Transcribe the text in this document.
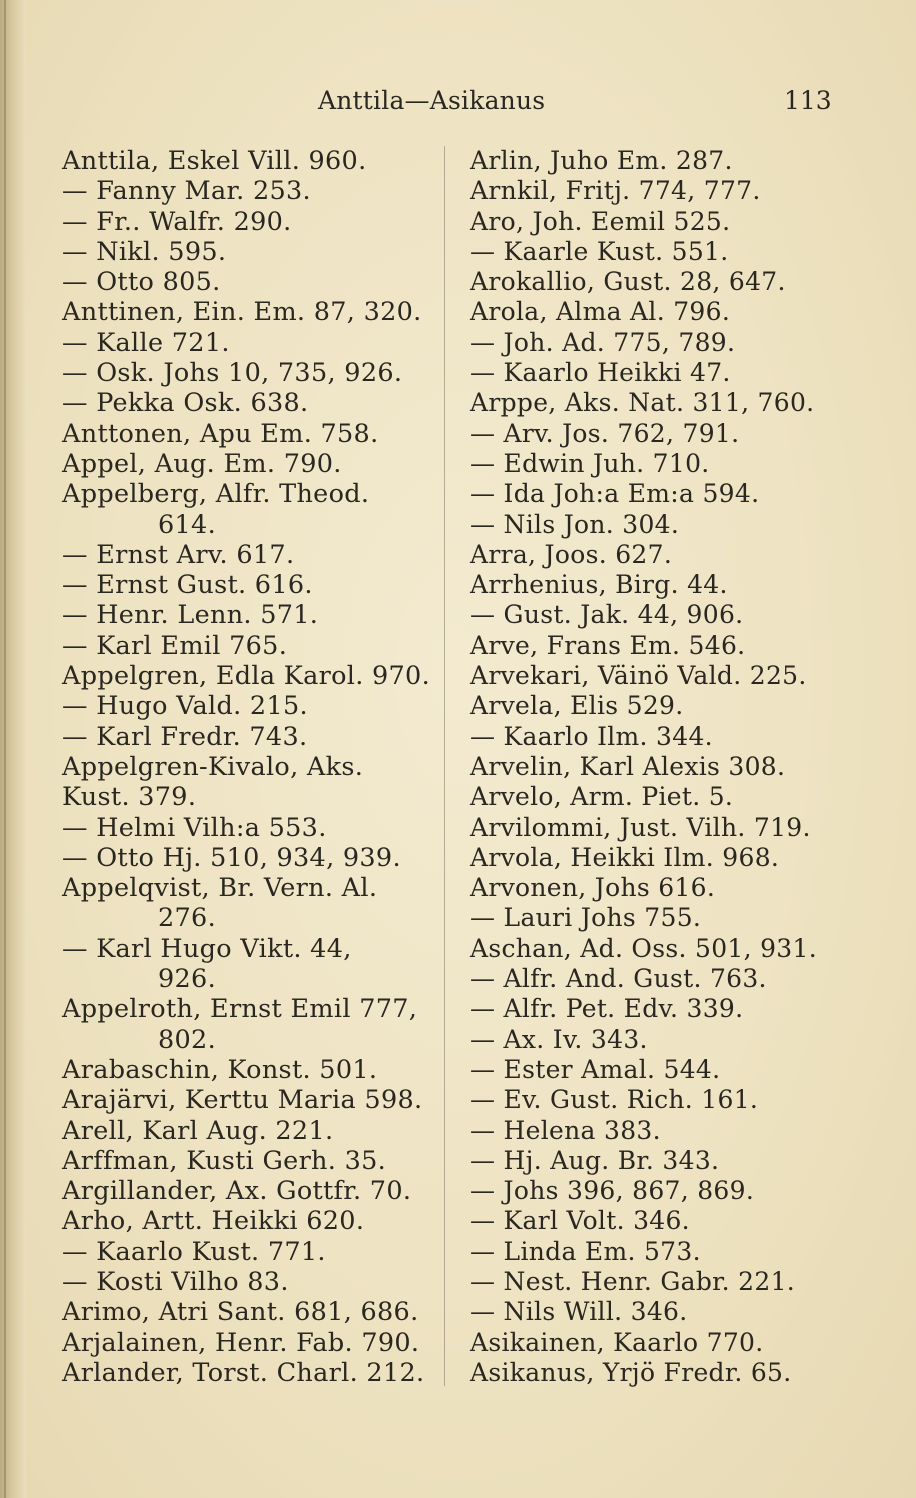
Anttila—Asikanus	113
Anttila, Eskel Vill. 960.
— Fanny Mar. 253.
— Fr.. Walfr. 290.
— Nikl. 595.
— Otto 805.
Anttinen, Ein. Em. 87, 320.
— Kalle 721.
— Osk. Johs 10, 735, 926.
— Pekka Osk. 638.
Anttonen, Apu Em. 758.
Appel, Aug. Em. 790.
Appelberg, Alfr. Theod.
614.
— Ernst Arv. 617.
— Ernst Gust. 616.
— Henr. Lenn. 571.
— Karl Emil 765.
Appelgren, Edla Karol. 970.
— Hugo Vald. 215.
— Karl Fredr. 743.
Appelgren-Kivalo, Aks.
Kust. 379.
— Helmi Vilh:a 553.
— Otto Hj. 510, 934, 939.
Appelqvist, Br. Vern. Al.
276.
— Karl Hugo Vikt. 44,
926.
Appelroth, Ernst Emil 777,
802.
Arabaschin, Konst. 501.
Arajärvi, Kerttu Maria 598.
Arell, Karl Aug. 221.
Arffman, Kusti Gerh. 35.
Argillander, Ax. Gottfr. 70.
Arho, Artt. Heikki 620.
— Kaarlo Kust. 771.
— Kosti Vilho 83.
Arimo, Atri Sant. 681, 686.
Arjalainen, Henr. Fab. 790.
Arlander, Torst. Charl. 212.
Arlin, Juho Em. 287.
Arnkil, Fritj. 774, 777.
Aro, Joh. Eemil 525.
— Kaarle Kust. 551.
Arokallio, Gust. 28, 647.
Arola, Alma Al. 796.
— Joh. Ad. 775, 789.
— Kaarlo Heikki 47.
Arppe, Aks. Nat. 311, 760.
— Arv. Jos. 762, 791.
— Edwin Juh. 710.
— Ida Joh:a Em:a 594.
— Nils Jon. 304.
Arra, Joos. 627.
Arrhenius, Birg. 44.
— Gust. Jak. 44, 906.
Arve, Frans Em. 546.
Arvekari, Väinö Vald. 225.
Arvela, Elis 529.
— Kaarlo Ilm. 344.
Arvelin, Karl Alexis 308.
Arvelo, Arm. Piet. 5.
Arvilommi, Just. Vilh. 719.
Arvola, Heikki Ilm. 968.
Arvonen, Johs 616.
— Lauri Johs 755.
Aschan, Ad. Oss. 501, 931.
— Alfr. And. Gust. 763.
— Alfr. Pet. Edv. 339.
— Ax. Iv. 343.
— Ester Amal. 544.
— Ev. Gust. Rich. 161.
— Helena 383.
— Hj. Aug. Br. 343.
— Johs 396, 867, 869.
— Karl Volt. 346.
— Linda Em. 573.
— Nest. Henr. Gabr. 221.
— Nils Will. 346.
Asikainen, Kaarlo 770.
Asikanus, Yrjö Fredr. 65.
